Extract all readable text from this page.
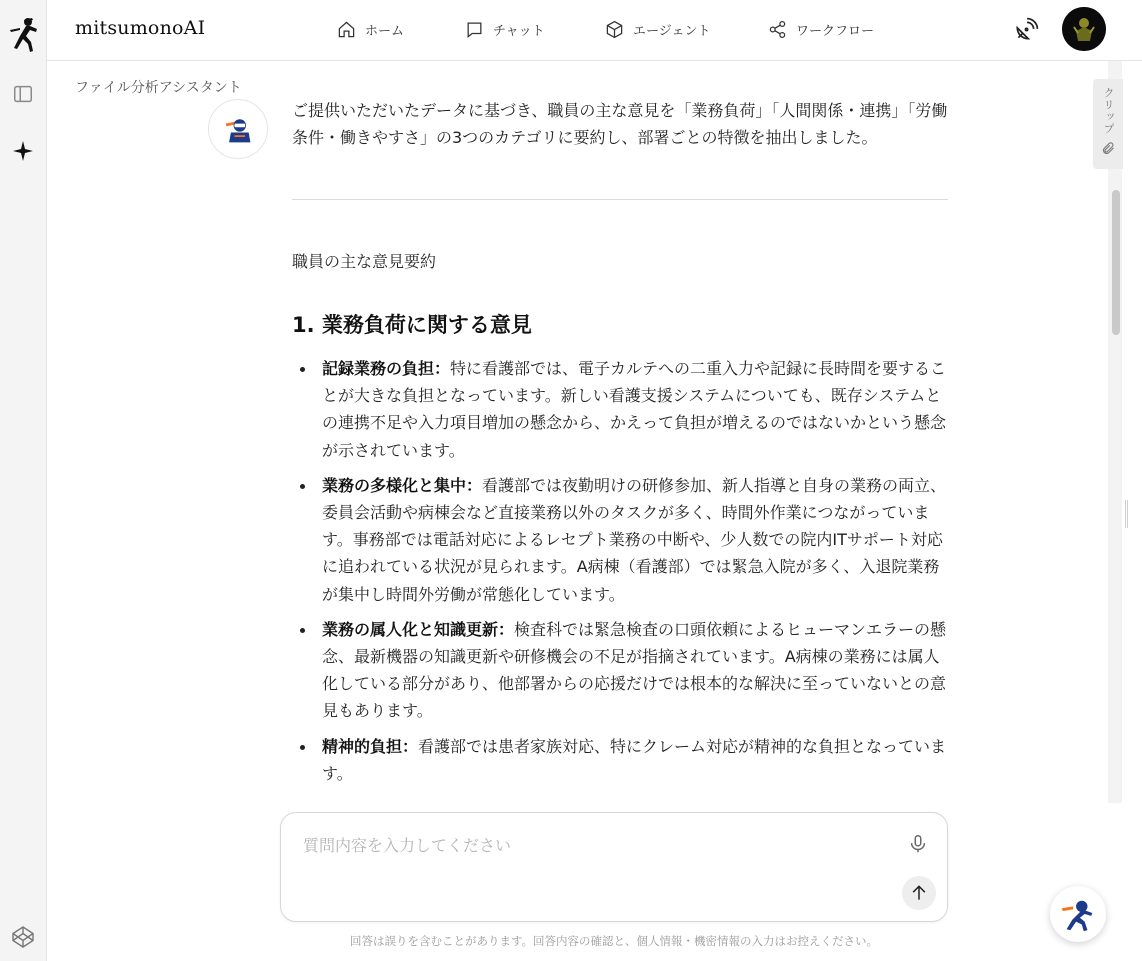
mitsumonoAI	ホーム	チャット	エージェント	ワークフロー
ファイル分析アシスタント
ご提供いただいたデータに基づき、職員の主な意見を「業務負荷」「人間関係・連携」「労働条件・働きやすさ」の3つのカテゴリに要約し、部署ごとの特徴を抽出しました。
職員の主な意見要約
1. 業務負荷に関する意見
記録業務の負担：特に看護部では、電子カルテへの二重入力や記録に長時間を要することが大きな負担となっています。新しい看護支援システムについても、既存システムとの連携不足や入力項目増加の懸念から、かえって負担が増えるのではないかという懸念が示されています。
業務の多様化と集中：看護部では夜勤明けの研修参加、新人指導と自身の業務の両立、委員会活動や病棟会など直接業務以外のタスクが多く、時間外作業につながっています。事務部では電話対応によるレセプト業務の中断や、少人数での院内ITサポート対応に追われている状況が見られます。A病棟（看護部）では緊急入院が多く、入退院業務が集中し時間外労働が常態化しています。
業務の属人化と知識更新：検査科では緊急検査の口頭依頼によるヒューマンエラーの懸念、最新機器の知識更新や研修機会の不足が指摘されています。A病棟の業務には属人化している部分があり、他部署からの応援だけでは根本的な解決に至っていないとの意見もあります。
精神的負担：看護部では患者家族対応、特にクレーム対応が精神的な負担となっています。
クリップ
質問内容を入力してください
回答は誤りを含むことがあります。回答内容の確認と、個人情報・機密情報の入力はお控えください。
